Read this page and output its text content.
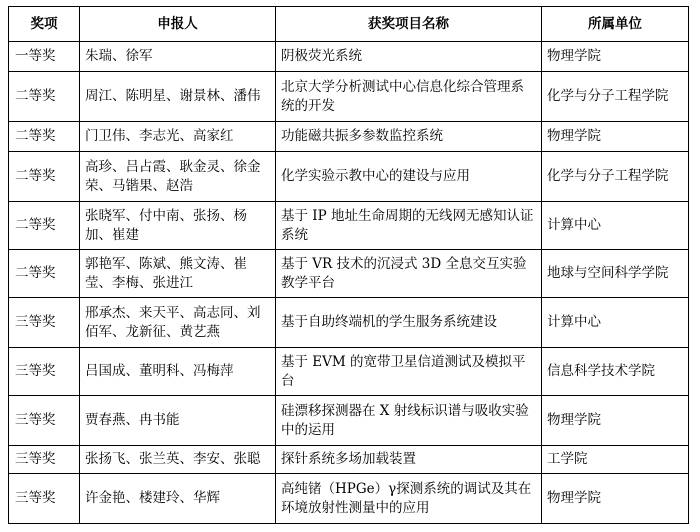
奖项	申报人	获奖项目名称	所属单位
一等奖	朱瑞、徐军	阴极荧光系统	物理学院
二等奖	周江、陈明星、谢景林、潘伟	北京大学分析测试中心信息化综合管理系统的开发	化学与分子工程学院
二等奖	门卫伟、李志光、高家红	功能磁共振多参数监控系统	物理学院
二等奖	高珍、吕占霞、耿金灵、徐金荣、马锴果、赵浩	化学实验示教中心的建设与应用	化学与分子工程学院
二等奖	张晓军、付中南、张扬、杨加、崔建	基于 IP 地址生命周期的无线网无感知认证系统	计算中心
二等奖	郭艳军、陈斌、熊文涛、崔莹、李梅、张进江	基于 VR 技术的沉浸式 3D 全息交互实验教学平台	地球与空间科学学院
三等奖	邢承杰、来天平、高志同、刘佰军、龙新征、黄艺燕	基于自助终端机的学生服务系统建设	计算中心
三等奖	吕国成、董明科、冯梅萍	基于 EVM 的宽带卫星信道测试及模拟平台	信息科学技术学院
三等奖	贾春燕、冉书能	硅漂移探测器在 X 射线标识谱与吸收实验中的运用	物理学院
三等奖	张扬飞、张兰英、李安、张聪	探针系统多场加载装置	工学院
三等奖	许金艳、楼建玲、华辉	高纯锗（HPGe）γ探测系统的调试及其在环境放射性测量中的应用	物理学院
